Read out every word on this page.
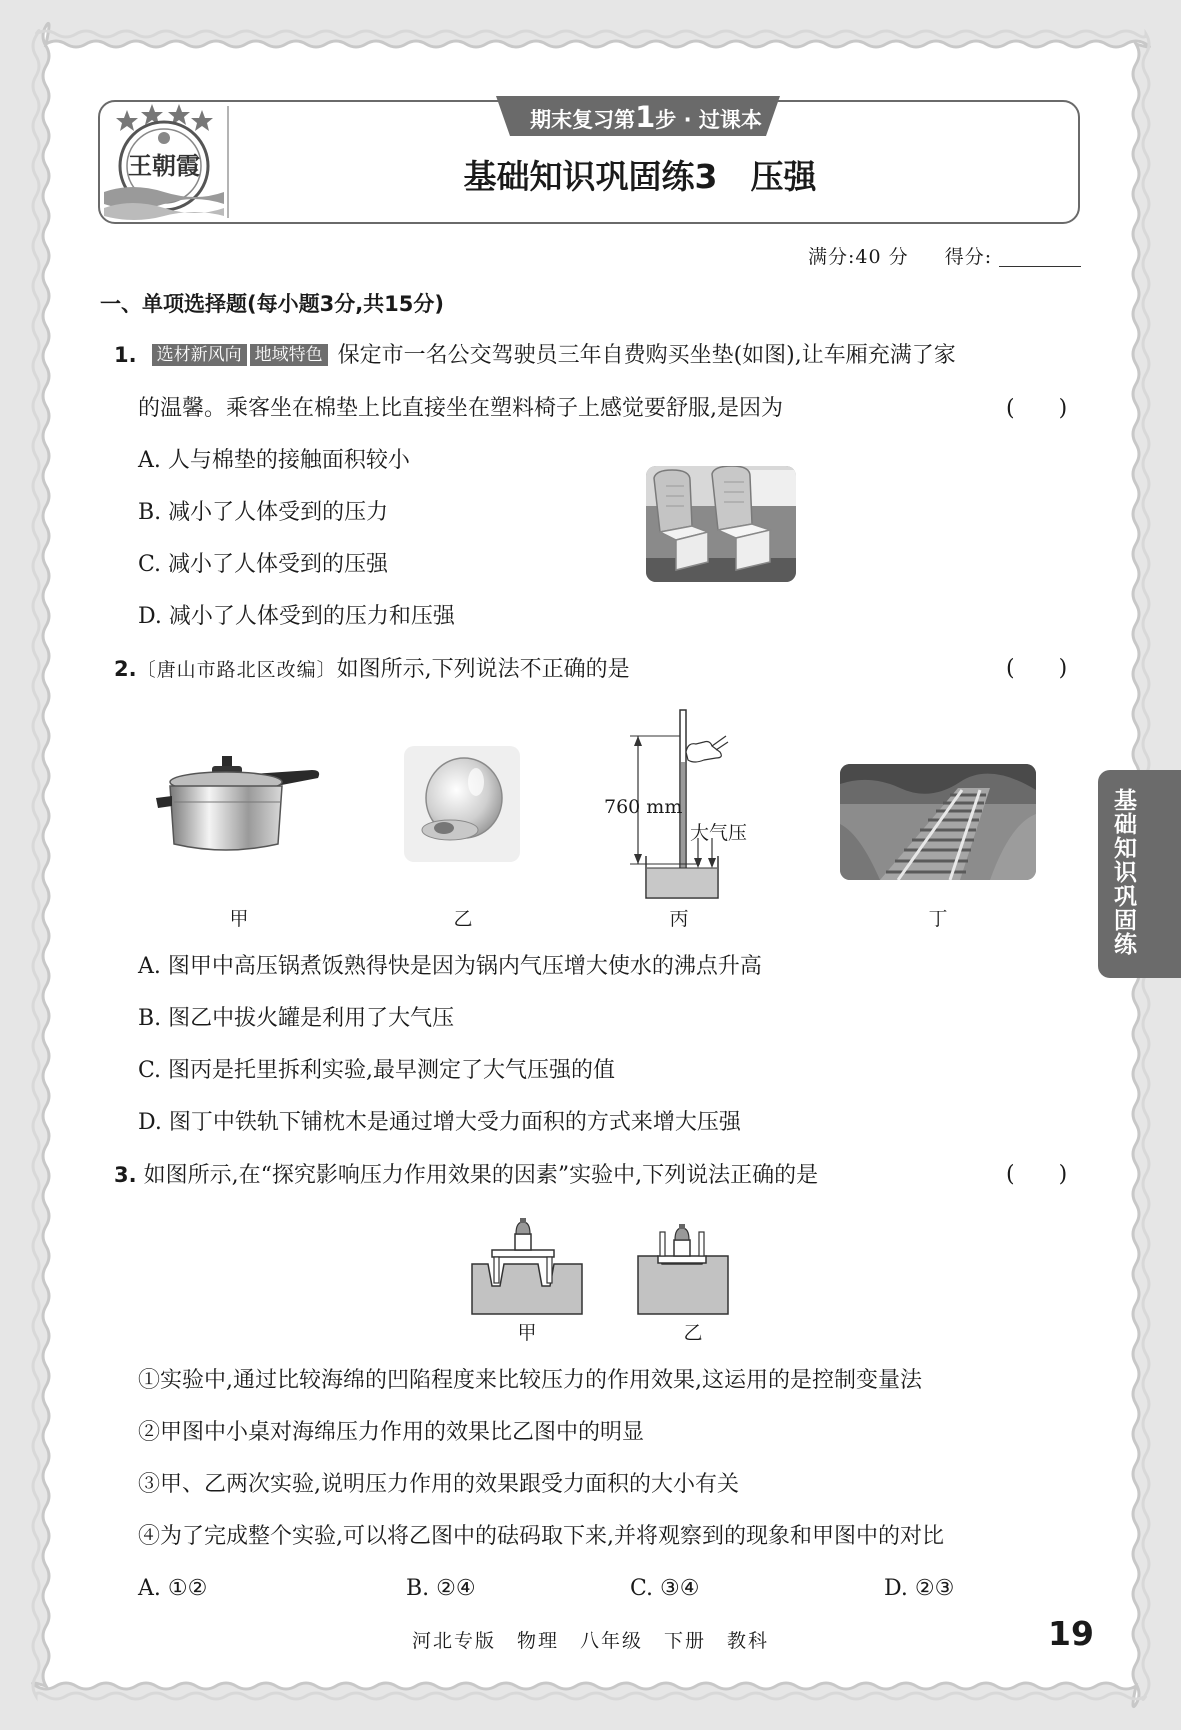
期末复习第1步 · 过课本
基础知识巩固练3　压强
王朝霞
满分:40 分 得分:
一、单项选择题(每小题3分,共15分)
基础知识巩固练
1. 选材新风向 地域特色 保定市一名公交驾驶员三年自费购买坐垫(如图),让车厢充满了家
的温馨。乘客坐在棉垫上比直接坐在塑料椅子上感觉要舒服,是因为	(　　)
A. 人与棉垫的接触面积较小
B. 减小了人体受到的压力
C. 减小了人体受到的压强
D. 减小了人体受到的压力和压强
2.〔唐山市路北区改编〕如图所示,下列说法不正确的是	(　　)
760 mm
大气压
甲	乙	丙	丁
A. 图甲中高压锅煮饭熟得快是因为锅内气压增大使水的沸点升高
B. 图乙中拔火罐是利用了大气压
C. 图丙是托里拆利实验,最早测定了大气压强的值
D. 图丁中铁轨下铺枕木是通过增大受力面积的方式来增大压强
3. 如图所示,在“探究影响压力作用效果的因素”实验中,下列说法正确的是	(　　)
甲	乙
①实验中,通过比较海绵的凹陷程度来比较压力的作用效果,这运用的是控制变量法
②甲图中小桌对海绵压力作用的效果比乙图中的明显
③甲、乙两次实验,说明压力作用的效果跟受力面积的大小有关
④为了完成整个实验,可以将乙图中的砝码取下来,并将观察到的现象和甲图中的对比
A. ①②	B. ②④	C. ③④	D. ②③
河北专版　物理　八年级　下册　教科	19
